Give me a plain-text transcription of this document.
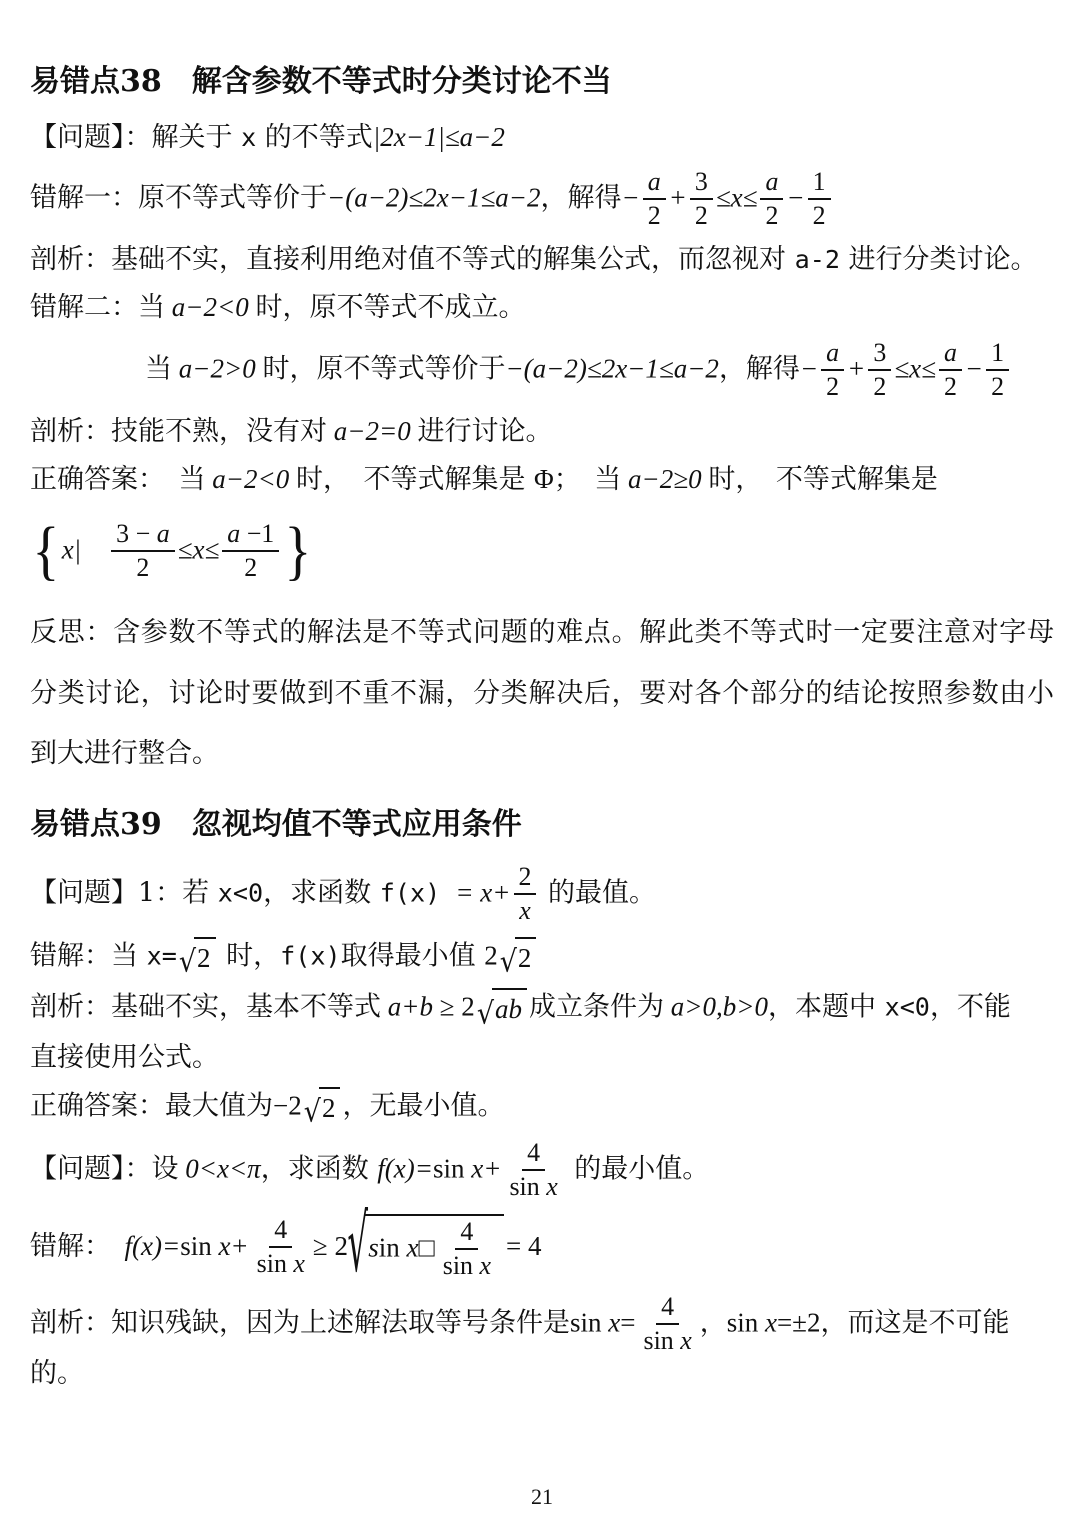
易错点38　解含参数不等式时分类讨论不当
【问题】：解关于 x 的不等式|2x−1|≤a−2
错解一：原不等式等价于−(a−2)≤2x−1≤a−2，解得− $\frac{a}{2} + \frac{3}{2} \le x\le \frac{a}{2} - \frac{1}{2}$
剖析：基础不实，直接利用绝对值不等式的解集公式，而忽视对 a-2 进行分类讨论。
错解二：当 a−2<0 时，原不等式不成立。
当 a−2>0 时，原不等式等价于−(a−2)≤2x−1≤a−2，解得− $\frac{a}{2} + \frac{3}{2} \le x\le \frac{a}{2} - \frac{1}{2}$
剖析：技能不熟，没有对 a−2=0 进行讨论。
正确答案：　当 a−2<0 时，　不等式解集是 Φ；　当 a−2≥0 时，　不等式解集是
{x|　 $\frac{3 - a}{2} \le x\le \frac{a -1}{2}$ }
反思：含参数不等式的解法是不等式问题的难点。解此类不等式时一定要注意对字母分类讨论，讨论时要做到不重不漏，分类解决后，要对各个部分的结论按照参数由小到大进行整合。
易错点39　忽视均值不等式应用条件
【问题】1：若 x<0，求函数 $f(x) = x+ \frac{2}{x}$ 的最值。
错解：当 x= √ 2 时，f(x)取得最小值 2 √ 2
剖析：基础不实，基本不等式 a+b ≥ 2 √ ab 成立条件为 a>0,b>0，本题中 x<0，不能
直接使用公式。
正确答案：最大值为−2 √ 2 ，无最小值。
【问题】：设 0<x<π，求函数 f(x)=sin $x+ \frac{4}{\text{sin x}}$ 的最小值。
错解：　f(x)=sin $x+ \frac{4}{\text{sin x}} \ge 2$ √ sin x□ $\frac{4}{\text{sin x}} = 4$
剖析：知识残缺，因为上述解法取等号条件是$\sin x= \frac{4}{\text{sin x}}$ ，sin x=±2，而这是不可能的。
21
